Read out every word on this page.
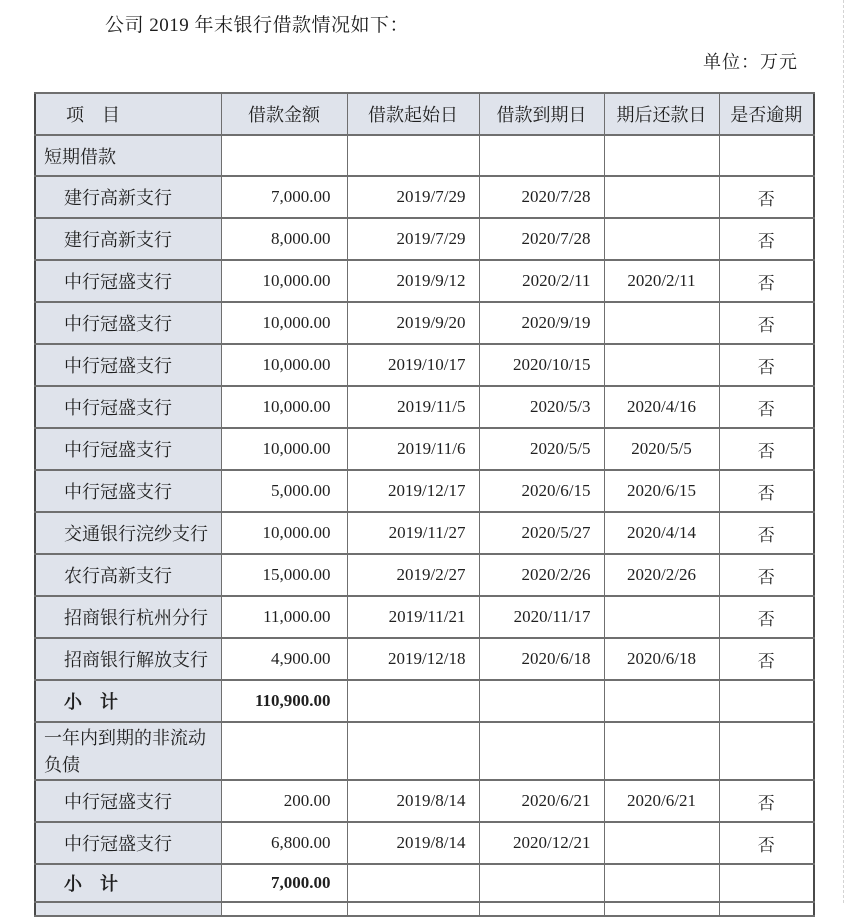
公司 2019 年末银行借款情况如下：
单位：万元
项　目	借款金额	借款起始日	借款到期日	期后还款日	是否逾期
短期借款					
建行高新支行	7,000.00	2019/7/29	2020/7/28		否
建行高新支行	8,000.00	2019/7/29	2020/7/28		否
中行冠盛支行	10,000.00	2019/9/12	2020/2/11	2020/2/11	否
中行冠盛支行	10,000.00	2019/9/20	2020/9/19		否
中行冠盛支行	10,000.00	2019/10/17	2020/10/15		否
中行冠盛支行	10,000.00	2019/11/5	2020/5/3	2020/4/16	否
中行冠盛支行	10,000.00	2019/11/6	2020/5/5	2020/5/5	否
中行冠盛支行	5,000.00	2019/12/17	2020/6/15	2020/6/15	否
交通银行浣纱支行	10,000.00	2019/11/27	2020/5/27	2020/4/14	否
农行高新支行	15,000.00	2019/2/27	2020/2/26	2020/2/26	否
招商银行杭州分行	11,000.00	2019/11/21	2020/11/17		否
招商银行解放支行	4,900.00	2019/12/18	2020/6/18	2020/6/18	否
小　计	110,900.00				
一年内到期的非流动负债					
中行冠盛支行	200.00	2019/8/14	2020/6/21	2020/6/21	否
中行冠盛支行	6,800.00	2019/8/14	2020/12/21		否
小　计	7,000.00				
